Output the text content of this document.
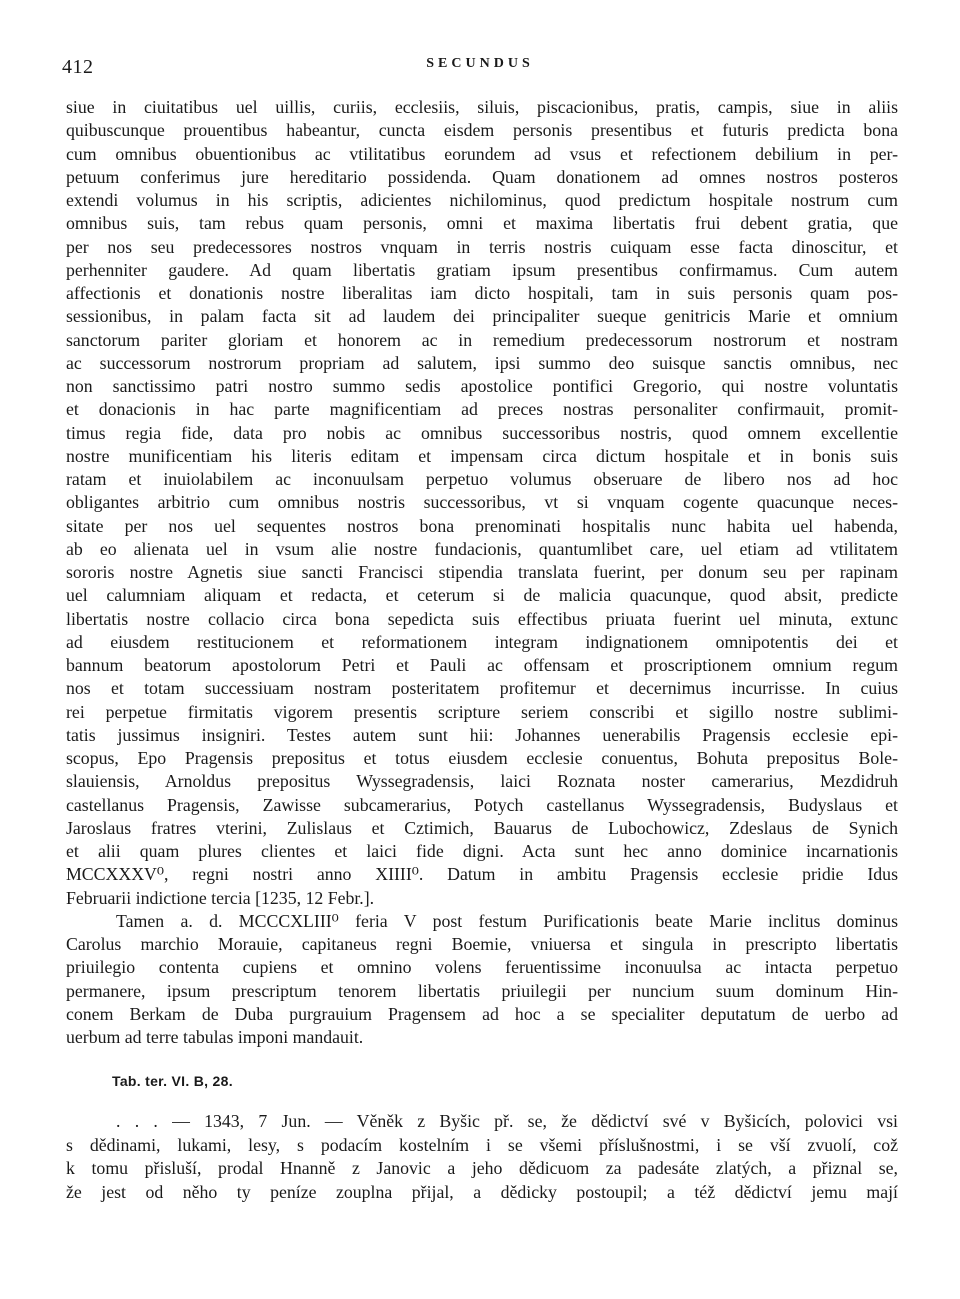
412	SECUNDUS
siue in ciuitatibus uel uillis, curiis, ecclesiis, siluis, piscacionibus, pratis, campis, siue in aliis
quibuscunque prouentibus habeantur, cuncta eisdem personis presentibus et futuris predicta bona
cum omnibus obuentionibus ac vtilitatibus eorundem ad vsus et refectionem debilium in per-
petuum conferimus jure hereditario possidenda. Quam donationem ad omnes nostros posteros
extendi volumus in his scriptis, adicientes nichilominus, quod predictum hospitale nostrum cum
omnibus suis, tam rebus quam personis, omni et maxima libertatis frui debent gratia, que
per nos seu predecessores nostros vnquam in terris nostris cuiquam esse facta dinoscitur, et
perhenniter gaudere. Ad quam libertatis gratiam ipsum presentibus confirmamus. Cum autem
affectionis et donationis nostre liberalitas iam dicto hospitali, tam in suis personis quam pos-
sessionibus, in palam facta sit ad laudem dei principaliter sueque genitricis Marie et omnium
sanctorum pariter gloriam et honorem ac in remedium predecessorum nostrorum et nostram
ac successorum nostrorum propriam ad salutem, ipsi summo deo suisque sanctis omnibus, nec
non sanctissimo patri nostro summo sedis apostolice pontifici Gregorio, qui nostre voluntatis
et donacionis in hac parte magnificentiam ad preces nostras personaliter confirmauit, promit-
timus regia fide, data pro nobis ac omnibus successoribus nostris, quod omnem excellentie
nostre munificentiam his literis editam et impensam circa dictum hospitale et in bonis suis
ratam et inuiolabilem ac inconuulsam perpetuo volumus obseruare de libero nos ad hoc
obligantes arbitrio cum omnibus nostris successoribus, vt si vnquam cogente quacunque neces-
sitate per nos uel sequentes nostros bona prenominati hospitalis nunc habita uel habenda,
ab eo alienata uel in vsum alie nostre fundacionis, quantumlibet care, uel etiam ad vtilitatem
sororis nostre Agnetis siue sancti Francisci stipendia translata fuerint, per donum seu per rapinam
uel calumniam aliquam et redacta, et ceterum si de malicia quacunque, quod absit, predicte
libertatis nostre collacio circa bona sepedicta suis effectibus priuata fuerint uel minuta, extunc
ad eiusdem restitucionem et reformationem integram indignationem omnipotentis dei et
bannum beatorum apostolorum Petri et Pauli ac offensam et proscriptionem omnium regum
nos et totam successiuam nostram posteritatem profitemur et decernimus incurrisse. In cuius
rei perpetue firmitatis vigorem presentis scripture seriem conscribi et sigillo nostre sublimi-
tatis jussimus insigniri. Testes autem sunt hii: Johannes uenerabilis Pragensis ecclesie epi-
scopus, Epo Pragensis prepositus et totus eiusdem ecclesie conuentus, Bohuta prepositus Bole-
slauiensis, Arnoldus prepositus Wyssegradensis, laici Roznata noster camerarius, Mezdidruh
castellanus Pragensis, Zawisse subcamerarius, Potych castellanus Wyssegradensis, Budyslaus et
Jaroslaus fratres vterini, Zulislaus et Cztimich, Bauarus de Lubochowicz, Zdeslaus de Synich
et alii quam plures clientes et laici fide digni. Acta sunt hec anno dominice incarnationis
MCCXXXV⁰, regni nostri anno XIIII⁰. Datum in ambitu Pragensis ecclesie pridie Idus
Februarii indictione tercia [1235, 12 Febr.].
Tamen a. d. MCCCXLIII⁰ feria V post festum Purificationis beate Marie inclitus dominus
Carolus marchio Morauie, capitaneus regni Boemie, vniuersa et singula in prescripto libertatis
priuilegio contenta cupiens et omnino volens feruentissime inconuulsa ac intacta perpetuo
permanere, ipsum prescriptum tenorem libertatis priuilegii per nuncium suum dominum Hin-
conem Berkam de Duba purgrauium Pragensem ad hoc a se specialiter deputatum de uerbo ad
uerbum ad terre tabulas imponi mandauit.
Tab. ter. VI. B, 28.
. . . — 1343, 7 Jun. — Věněk z Byšic př. se, že dědictví své v Byšicích, polovici vsi
s dědinami, lukami, lesy, s podacím kostelním i se všemi příslušnostmi, i se vší zvuolí, což
k tomu přisluší, prodal Hnanně z Janovic a jeho dědicuom za padesáte zlatých, a přiznal se,
že jest od něho ty peníze zouplna přijal, a dědicky postoupil; a též dědictví jemu mají
